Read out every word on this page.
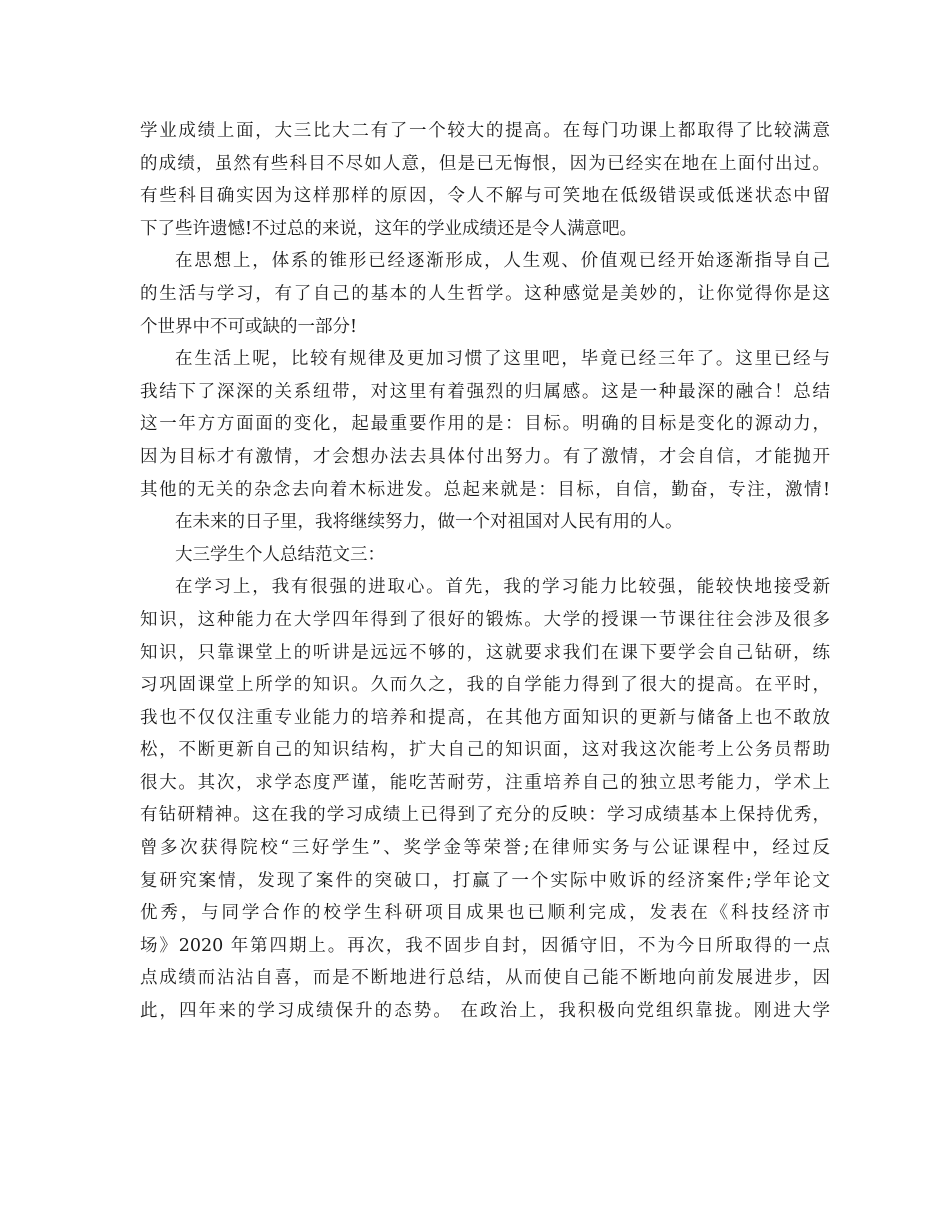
学业成绩上面，大三比大二有了一个较大的提高。在每门功课上都取得了比较满意
的成绩，虽然有些科目不尽如人意，但是已无悔恨，因为已经实在地在上面付出过。
有些科目确实因为这样那样的原因，令人不解与可笑地在低级错误或低迷状态中留
下了些许遗憾!不过总的来说，这年的学业成绩还是令人满意吧。
在思想上，体系的锥形已经逐渐形成，人生观、价值观已经开始逐渐指导自己
的生活与学习，有了自己的基本的人生哲学。这种感觉是美妙的，让你觉得你是这
个世界中不可或缺的一部分!
在生活上呢，比较有规律及更加习惯了这里吧，毕竟已经三年了。这里已经与
我结下了深深的关系纽带，对这里有着强烈的归属感。这是一种最深的融合！总结
这一年方方面面的变化，起最重要作用的是：目标。明确的目标是变化的源动力，
因为目标才有激情，才会想办法去具体付出努力。有了激情，才会自信，才能抛开
其他的无关的杂念去向着木标进发。总起来就是：目标，自信，勤奋，专注，激情!
在未来的日子里，我将继续努力，做一个对祖国对人民有用的人。
大三学生个人总结范文三：
在学习上，我有很强的进取心。首先，我的学习能力比较强，能较快地接受新
知识，这种能力在大学四年得到了很好的锻炼。大学的授课一节课往往会涉及很多
知识，只靠课堂上的听讲是远远不够的，这就要求我们在课下要学会自己钻研，练
习巩固课堂上所学的知识。久而久之，我的自学能力得到了很大的提高。在平时，
我也不仅仅注重专业能力的培养和提高，在其他方面知识的更新与储备上也不敢放
松，不断更新自己的知识结构，扩大自己的知识面，这对我这次能考上公务员帮助
很大。其次，求学态度严谨，能吃苦耐劳，注重培养自己的独立思考能力，学术上
有钻研精神。这在我的学习成绩上已得到了充分的反映：学习成绩基本上保持优秀，
曾多次获得院校“三好学生”、奖学金等荣誉;在律师实务与公证课程中，经过反
复研究案情，发现了案件的突破口，打赢了一个实际中败诉的经济案件;学年论文
优秀，与同学合作的校学生科研项目成果也已顺利完成，发表在《科技经济市
场》2020 年第四期上。再次，我不固步自封，因循守旧，不为今日所取得的一点
点成绩而沾沾自喜，而是不断地进行总结，从而使自己能不断地向前发展进步，因
此，四年来的学习成绩保升的态势。 在政治上，我积极向党组织靠拢。刚进大学
